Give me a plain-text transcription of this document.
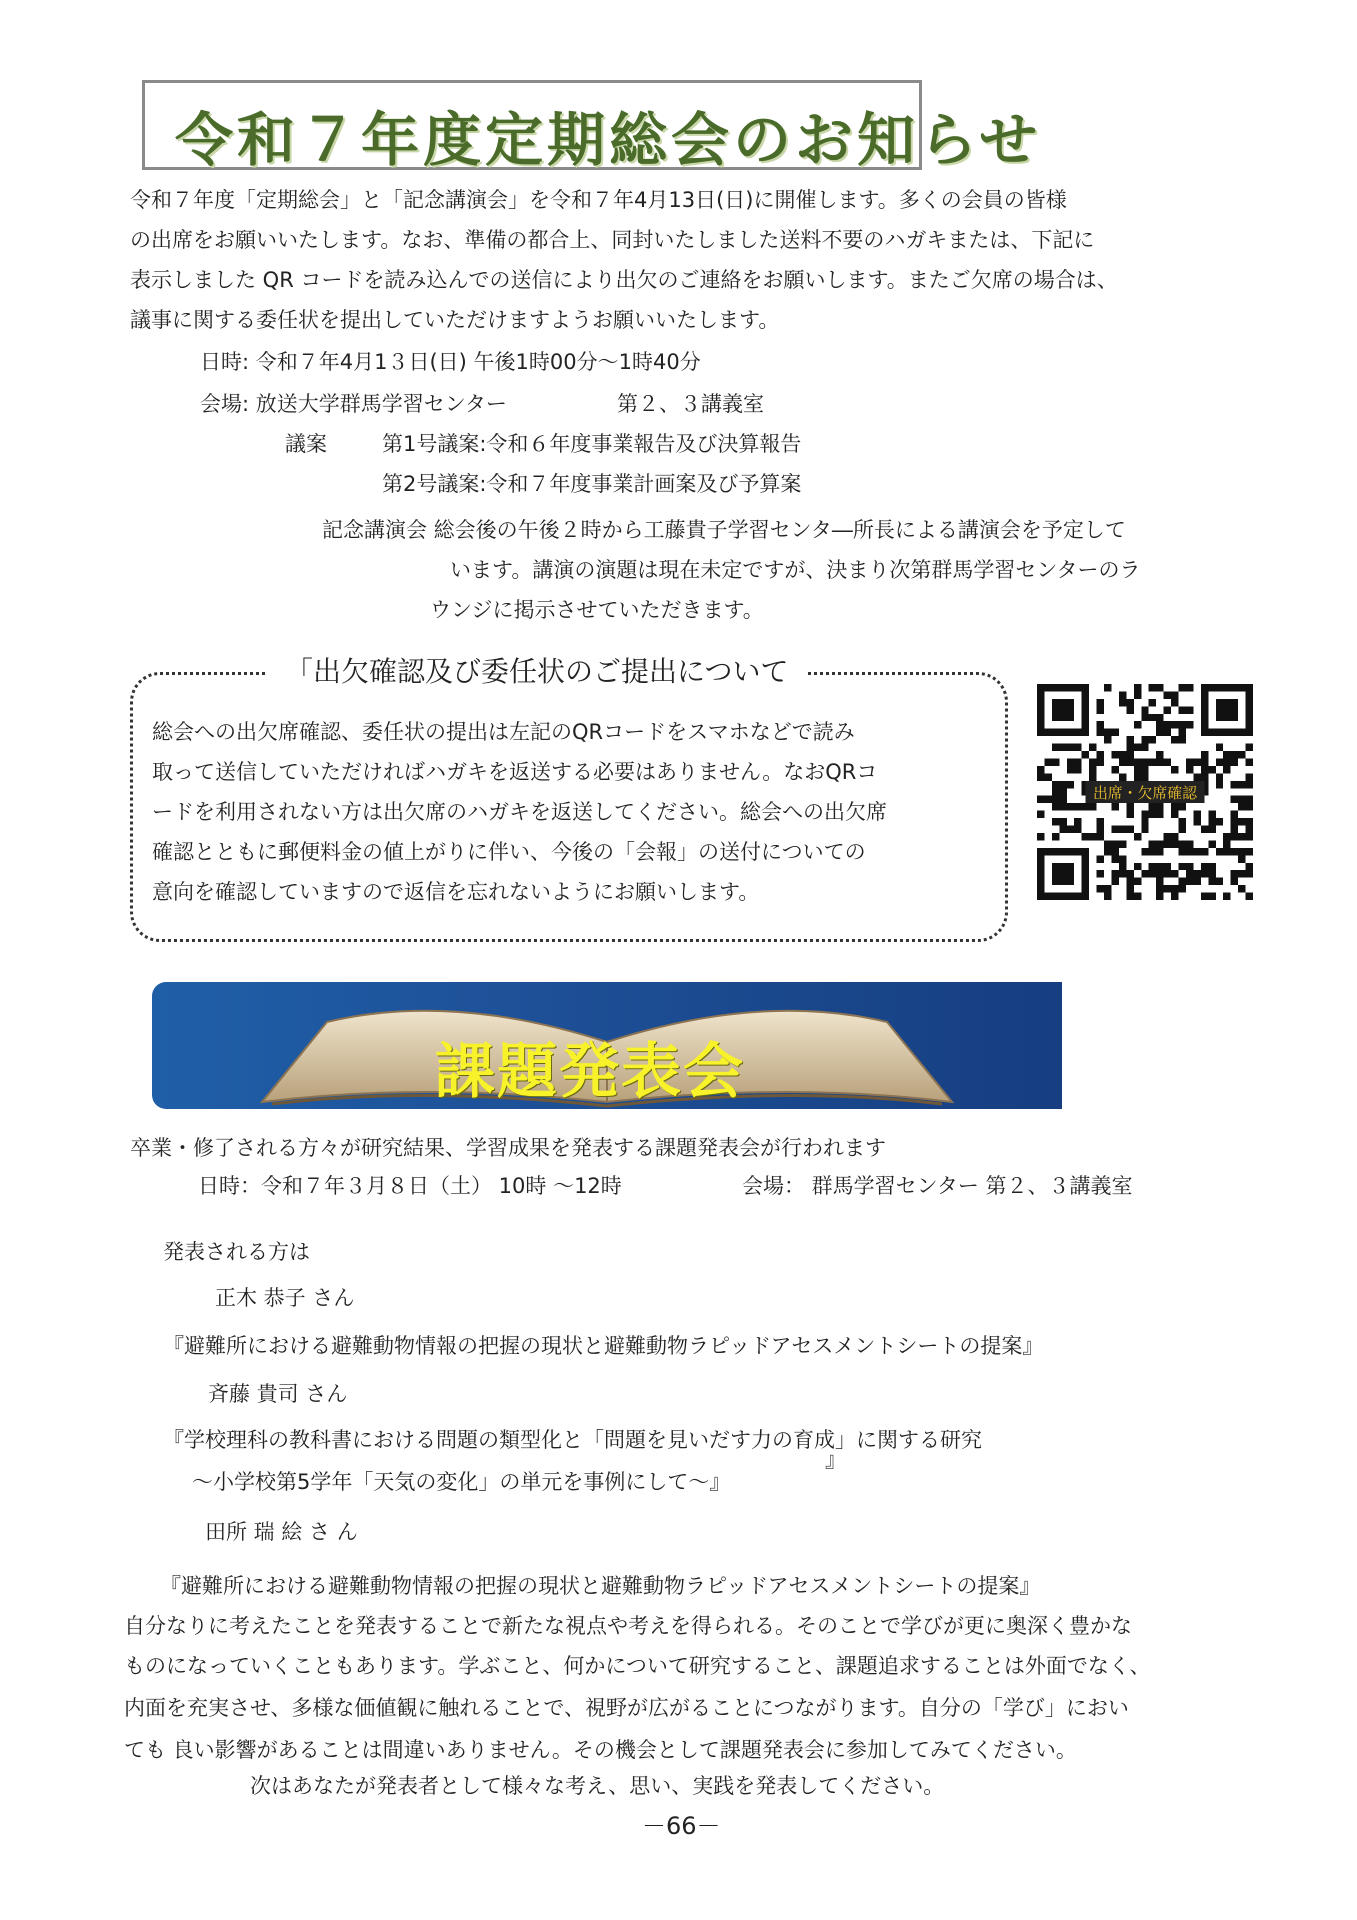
令和７年度定期総会のお知らせ
令和７年度「定期総会」と「記念講演会」を令和７年4月13日(日)に開催します。多くの会員の皆様
の出席をお願いいたします。なお、準備の都合上、同封いたしました送料不要のハガキまたは、下記に
表示しました QR コードを読み込んでの送信により出欠のご連絡をお願いします。またご欠席の場合は、
議事に関する委任状を提出していただけますようお願いいたします。
日時: 令和７年4月1３日(日) 午後1時00分～1時40分
会場: 放送大学群馬学習センター	第２、３講義室
議案	第1号議案:令和６年度事業報告及び決算報告
第2号議案:令和７年度事業計画案及び予算案
記念講演会 総会後の午後２時から工藤貴子学習センタ―所長による講演会を予定して
います。講演の演題は現在未定ですが、決まり次第群馬学習センターのラ
ウンジに掲示させていただきます。
「出欠確認及び委任状のご提出について
総会への出欠席確認、委任状の提出は左記のQRコードをスマホなどで読み
取って送信していただければハガキを返送する必要はありません。なおQRコ
ードを利用されない方は出欠席のハガキを返送してください。総会への出欠席
確認とともに郵便料金の値上がりに伴い、今後の「会報」の送付についての
意向を確認していますので返信を忘れないようにお願いします。
出席・欠席確認
課題発表会
卒業・修了される方々が研究結果、学習成果を発表する課題発表会が行われます
日時：令和７年３月８日（土） 10時 ～12時	会場： 群馬学習センター 第２、３講義室
発表される方は
正木 恭子 さん
『避難所における避難動物情報の把握の現状と避難動物ラピッドアセスメントシートの提案』
斉藤 貴司 さん
『学校理科の教科書における問題の類型化と「問題を見いだす力の育成」に関する研究
』
～小学校第5学年「天気の変化」の単元を事例にして～』
田所 瑞 絵 さ ん
『避難所における避難動物情報の把握の現状と避難動物ラピッドアセスメントシートの提案』
自分なりに考えたことを発表することで新たな視点や考えを得られる。そのことで学びが更に奥深く豊かな
ものになっていくこともあります。学ぶこと、何かについて研究すること、課題追求することは外面でなく、
内面を充実させ、多様な価値観に触れることで、視野が広がることにつながります。自分の「学び」におい
ても 良い影響があることは間違いありません。その機会として課題発表会に参加してみてください。
次はあなたが発表者として様々な考え、思い、実践を発表してください。
－66－
